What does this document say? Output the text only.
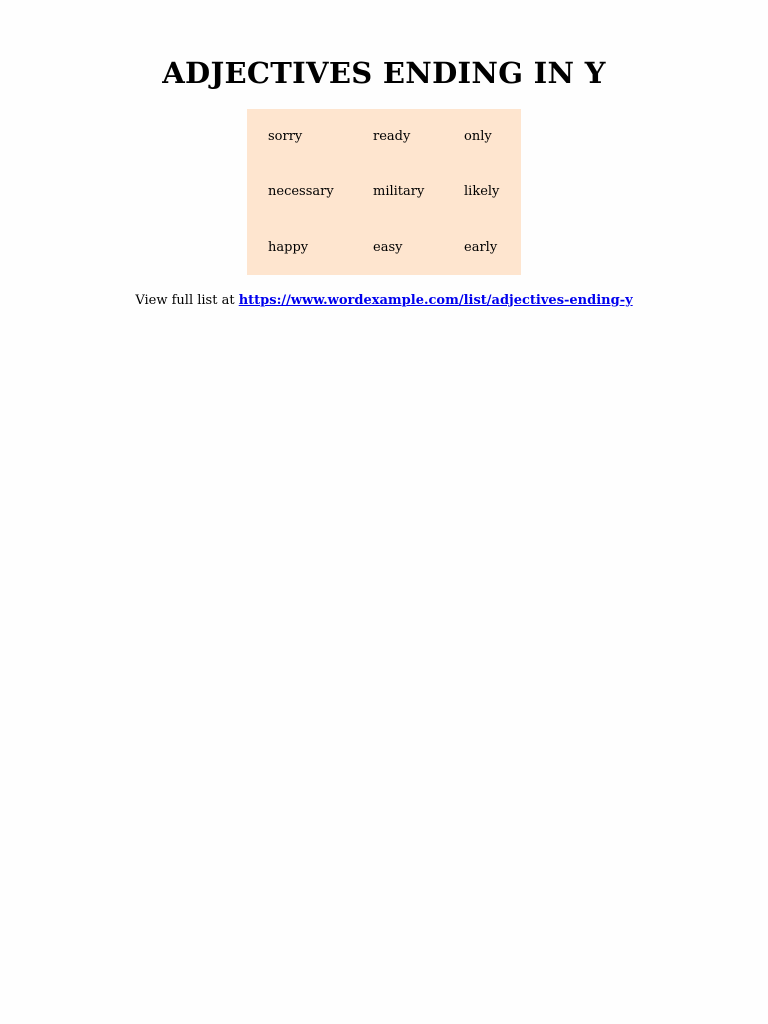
ADJECTIVES ENDING IN Y
sorry	ready	only
necessary	military	likely
happy	easy	early
View full list at https://www.wordexample.com/list/adjectives-ending-y
